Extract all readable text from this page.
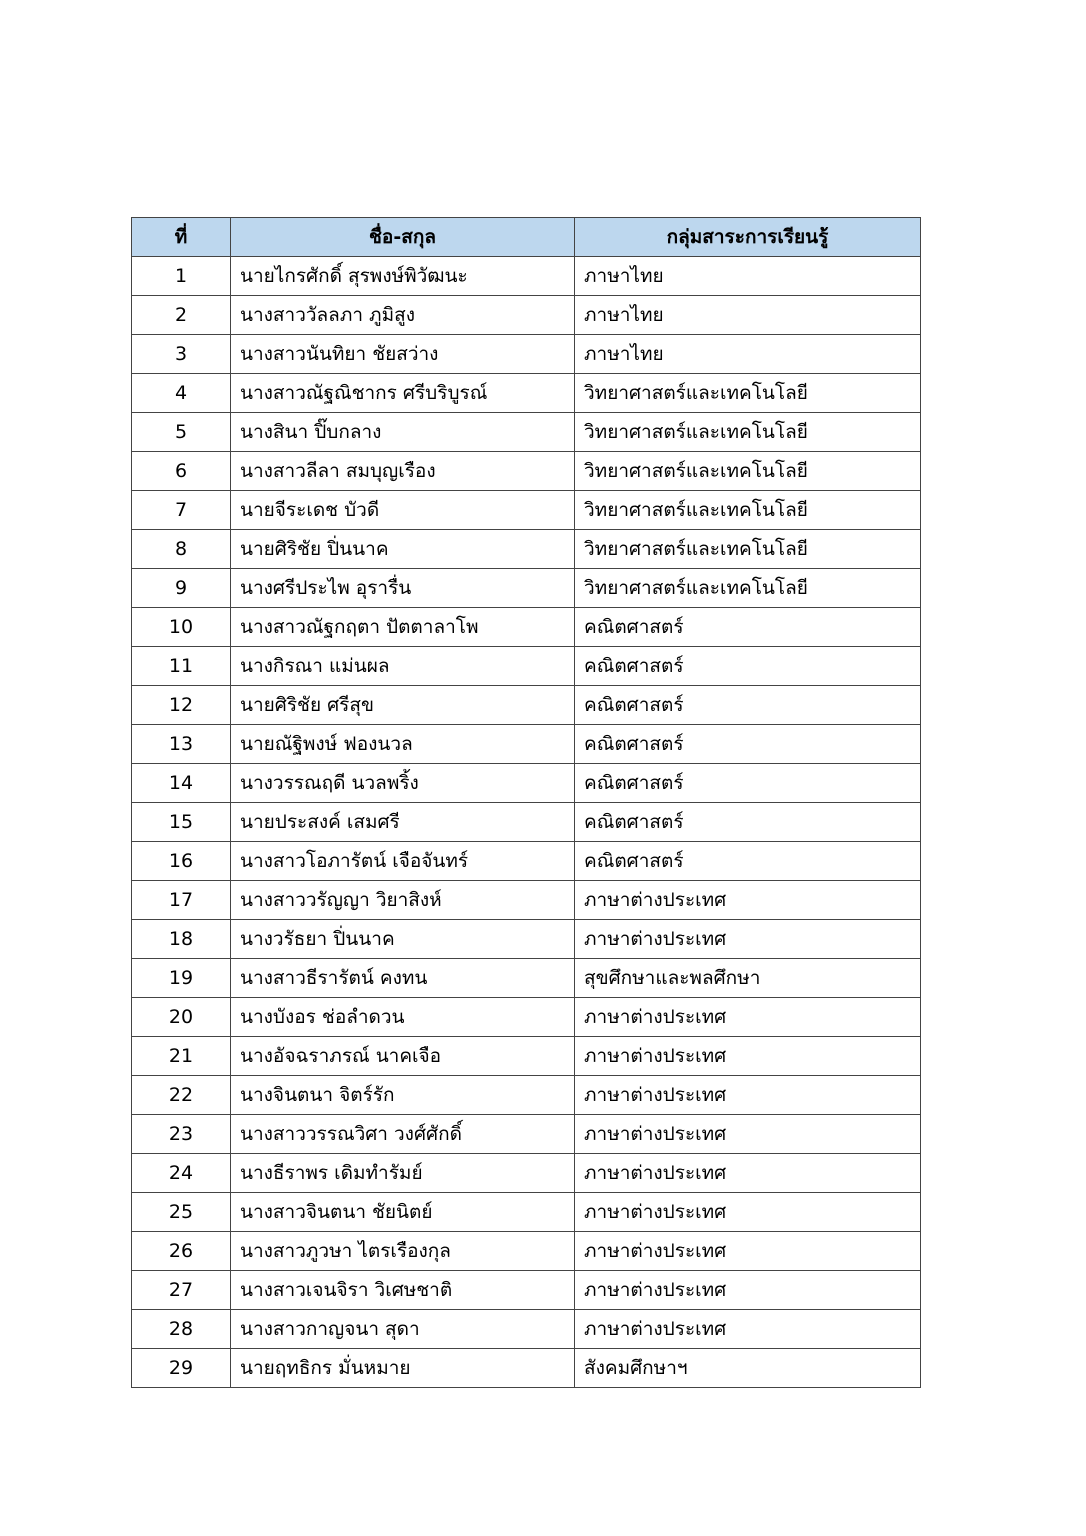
ที่	ชื่อ-สกุล	กลุ่มสาระการเรียนรู้
1	นายไกรศักดิ์ สุรพงษ์พิวัฒนะ	ภาษาไทย
2	นางสาววัลลภา ภูมิสูง	ภาษาไทย
3	นางสาวนันทิยา ชัยสว่าง	ภาษาไทย
4	นางสาวณัฐณิชากร ศรีบริบูรณ์	วิทยาศาสตร์และเทคโนโลยี
5	นางสินา ปิ๊บกลาง	วิทยาศาสตร์และเทคโนโลยี
6	นางสาวลีลา สมบุญเรือง	วิทยาศาสตร์และเทคโนโลยี
7	นายจีระเดช บัวดี	วิทยาศาสตร์และเทคโนโลยี
8	นายศิริชัย ปิ่นนาค	วิทยาศาสตร์และเทคโนโลยี
9	นางศรีประไพ อุรารื่น	วิทยาศาสตร์และเทคโนโลยี
10	นางสาวณัฐกฤตา ปัตตาลาโพ	คณิตศาสตร์
11	นางกิรณา แม่นผล	คณิตศาสตร์
12	นายศิริชัย ศรีสุข	คณิตศาสตร์
13	นายณัฐิพงษ์ ฟองนวล	คณิตศาสตร์
14	นางวรรณฤดี นวลพริ้ง	คณิตศาสตร์
15	นายประสงค์ เสมศรี	คณิตศาสตร์
16	นางสาวโอภารัตน์ เจือจันทร์	คณิตศาสตร์
17	นางสาววรัญญา วิยาสิงห์	ภาษาต่างประเทศ
18	นางวรัธยา ปิ่นนาค	ภาษาต่างประเทศ
19	นางสาวธีรารัตน์ คงทน	สุขศึกษาและพลศึกษา
20	นางบังอร ช่อลำดวน	ภาษาต่างประเทศ
21	นางอัจฉราภรณ์ นาคเจือ	ภาษาต่างประเทศ
22	นางจินตนา จิตร์รัก	ภาษาต่างประเทศ
23	นางสาววรรณวิศา วงศ์ศักดิ์	ภาษาต่างประเทศ
24	นางธีราพร เดิมทำรัมย์	ภาษาต่างประเทศ
25	นางสาวจินตนา ชัยนิตย์	ภาษาต่างประเทศ
26	นางสาวภูวษา ไตรเรืองกุล	ภาษาต่างประเทศ
27	นางสาวเจนจิรา วิเศษชาติ	ภาษาต่างประเทศ
28	นางสาวกาญจนา สุดา	ภาษาต่างประเทศ
29	นายฤทธิกร มั่นหมาย	สังคมศึกษาฯ
